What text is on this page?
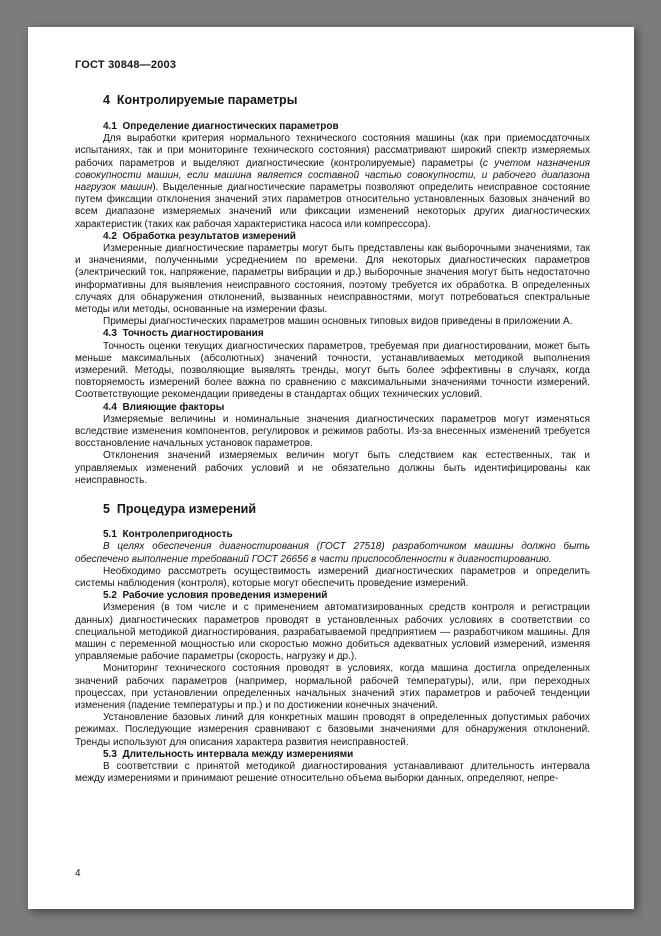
ГОСТ 30848—2003
4  Контролируемые параметры
4.1  Определение диагностических параметров

Для выработки критерия нормального технического состояния машины (как при приемосдаточных испытаниях, так и при мониторинге технического состояния) рассматривают широкий спектр измеряемых рабочих параметров и выделяют диагностические (контролируемые) параметры (с учетом назначения совокупности машин, если машина является составной частью совокупности, и рабочего диапазона нагрузок машин). Выделенные диагностические параметры позволяют определить неисправное состояние путем фиксации отклонения значений этих параметров относительно установленных базовых значений во всем диапазоне измеряемых значений или фиксации изменений некоторых других диагностических характеристик (таких как рабочая характеристика насоса или компрессора).

4.2  Обработка результатов измерений

Измеренные диагностические параметры могут быть представлены как выборочными значениями, так и значениями, полученными усреднением по времени. Для некоторых диагностических параметров (электрический ток, напряжение, параметры вибрации и др.) выборочные значения могут быть недостаточно информативны для выявления неисправного состояния, поэтому требуется их обработка. В определенных случаях для обнаружения отклонений, вызванных неисправностями, могут потребоваться спектральные методы или методы, основанные на измерении фазы.

Примеры диагностических параметров машин основных типовых видов приведены в приложении А.

4.3  Точность диагностирования

Точность оценки текущих диагностических параметров, требуемая при диагностировании, может быть меньше максимальных (абсолютных) значений точности, устанавливаемых методикой выполнения измерений. Методы, позволяющие выявлять тренды, могут быть более эффективны в случаях, когда повторяемость измерений более важна по сравнению с максимальными значениями точности измерений. Соответствующие рекомендации приведены в стандартах общих технических условий.

4.4  Влияющие факторы

Измеряемые величины и номинальные значения диагностических параметров могут изменяться вследствие изменения компонентов, регулировок и режимов работы. Из-за внесенных изменений требуется восстановление начальных установок параметров.

Отклонения значений измеряемых величин могут быть следствием как естественных, так и управляемых изменений рабочих условий и не обязательно должны быть идентифицированы как неисправность.

5  Процедура измерений
5.1  Контролепригодность

В целях обеспечения диагностирования (ГОСТ 27518) разработчиком машины должно быть обеспечено выполнение требований ГОСТ 26656 в части приспособленности к диагностированию.

Необходимо рассмотреть осуществимость измерений диагностических параметров и определить системы наблюдения (контроля), которые могут обеспечить проведение измерений.

5.2  Рабочие условия проведения измерений

Измерения (в том числе и с применением автоматизированных средств контроля и регистрации данных) диагностических параметров проводят в установленных рабочих условиях в соответствии со специальной методикой диагностирования, разрабатываемой предприятием — разработчиком машины. Для машин с переменной мощностью или скоростью можно добиться адекватных условий измерений, изменяя управляемые рабочие параметры (скорость, нагрузку и др.).

Мониторинг технического состояния проводят в условиях, когда машина достигла определенных значений рабочих параметров (например, нормальной рабочей температуры), или, при переходных процессах, при установлении определенных начальных значений этих параметров и рабочей тенденции изменения (падение температуры и пр.) и по достижении конечных значений.

Установление базовых линий для конкретных машин проводят в определенных допустимых рабочих режимах. Последующие измерения сравнивают с базовыми значениями для обнаружения отклонений. Тренды используют для описания характера развития неисправностей.

5.3  Длительность интервала между измерениями

В соответствии с принятой методикой диагностирования устанавливают длительность интервала между измерениями и принимают решение относительно объема выборки данных, определяют, непре-

4
